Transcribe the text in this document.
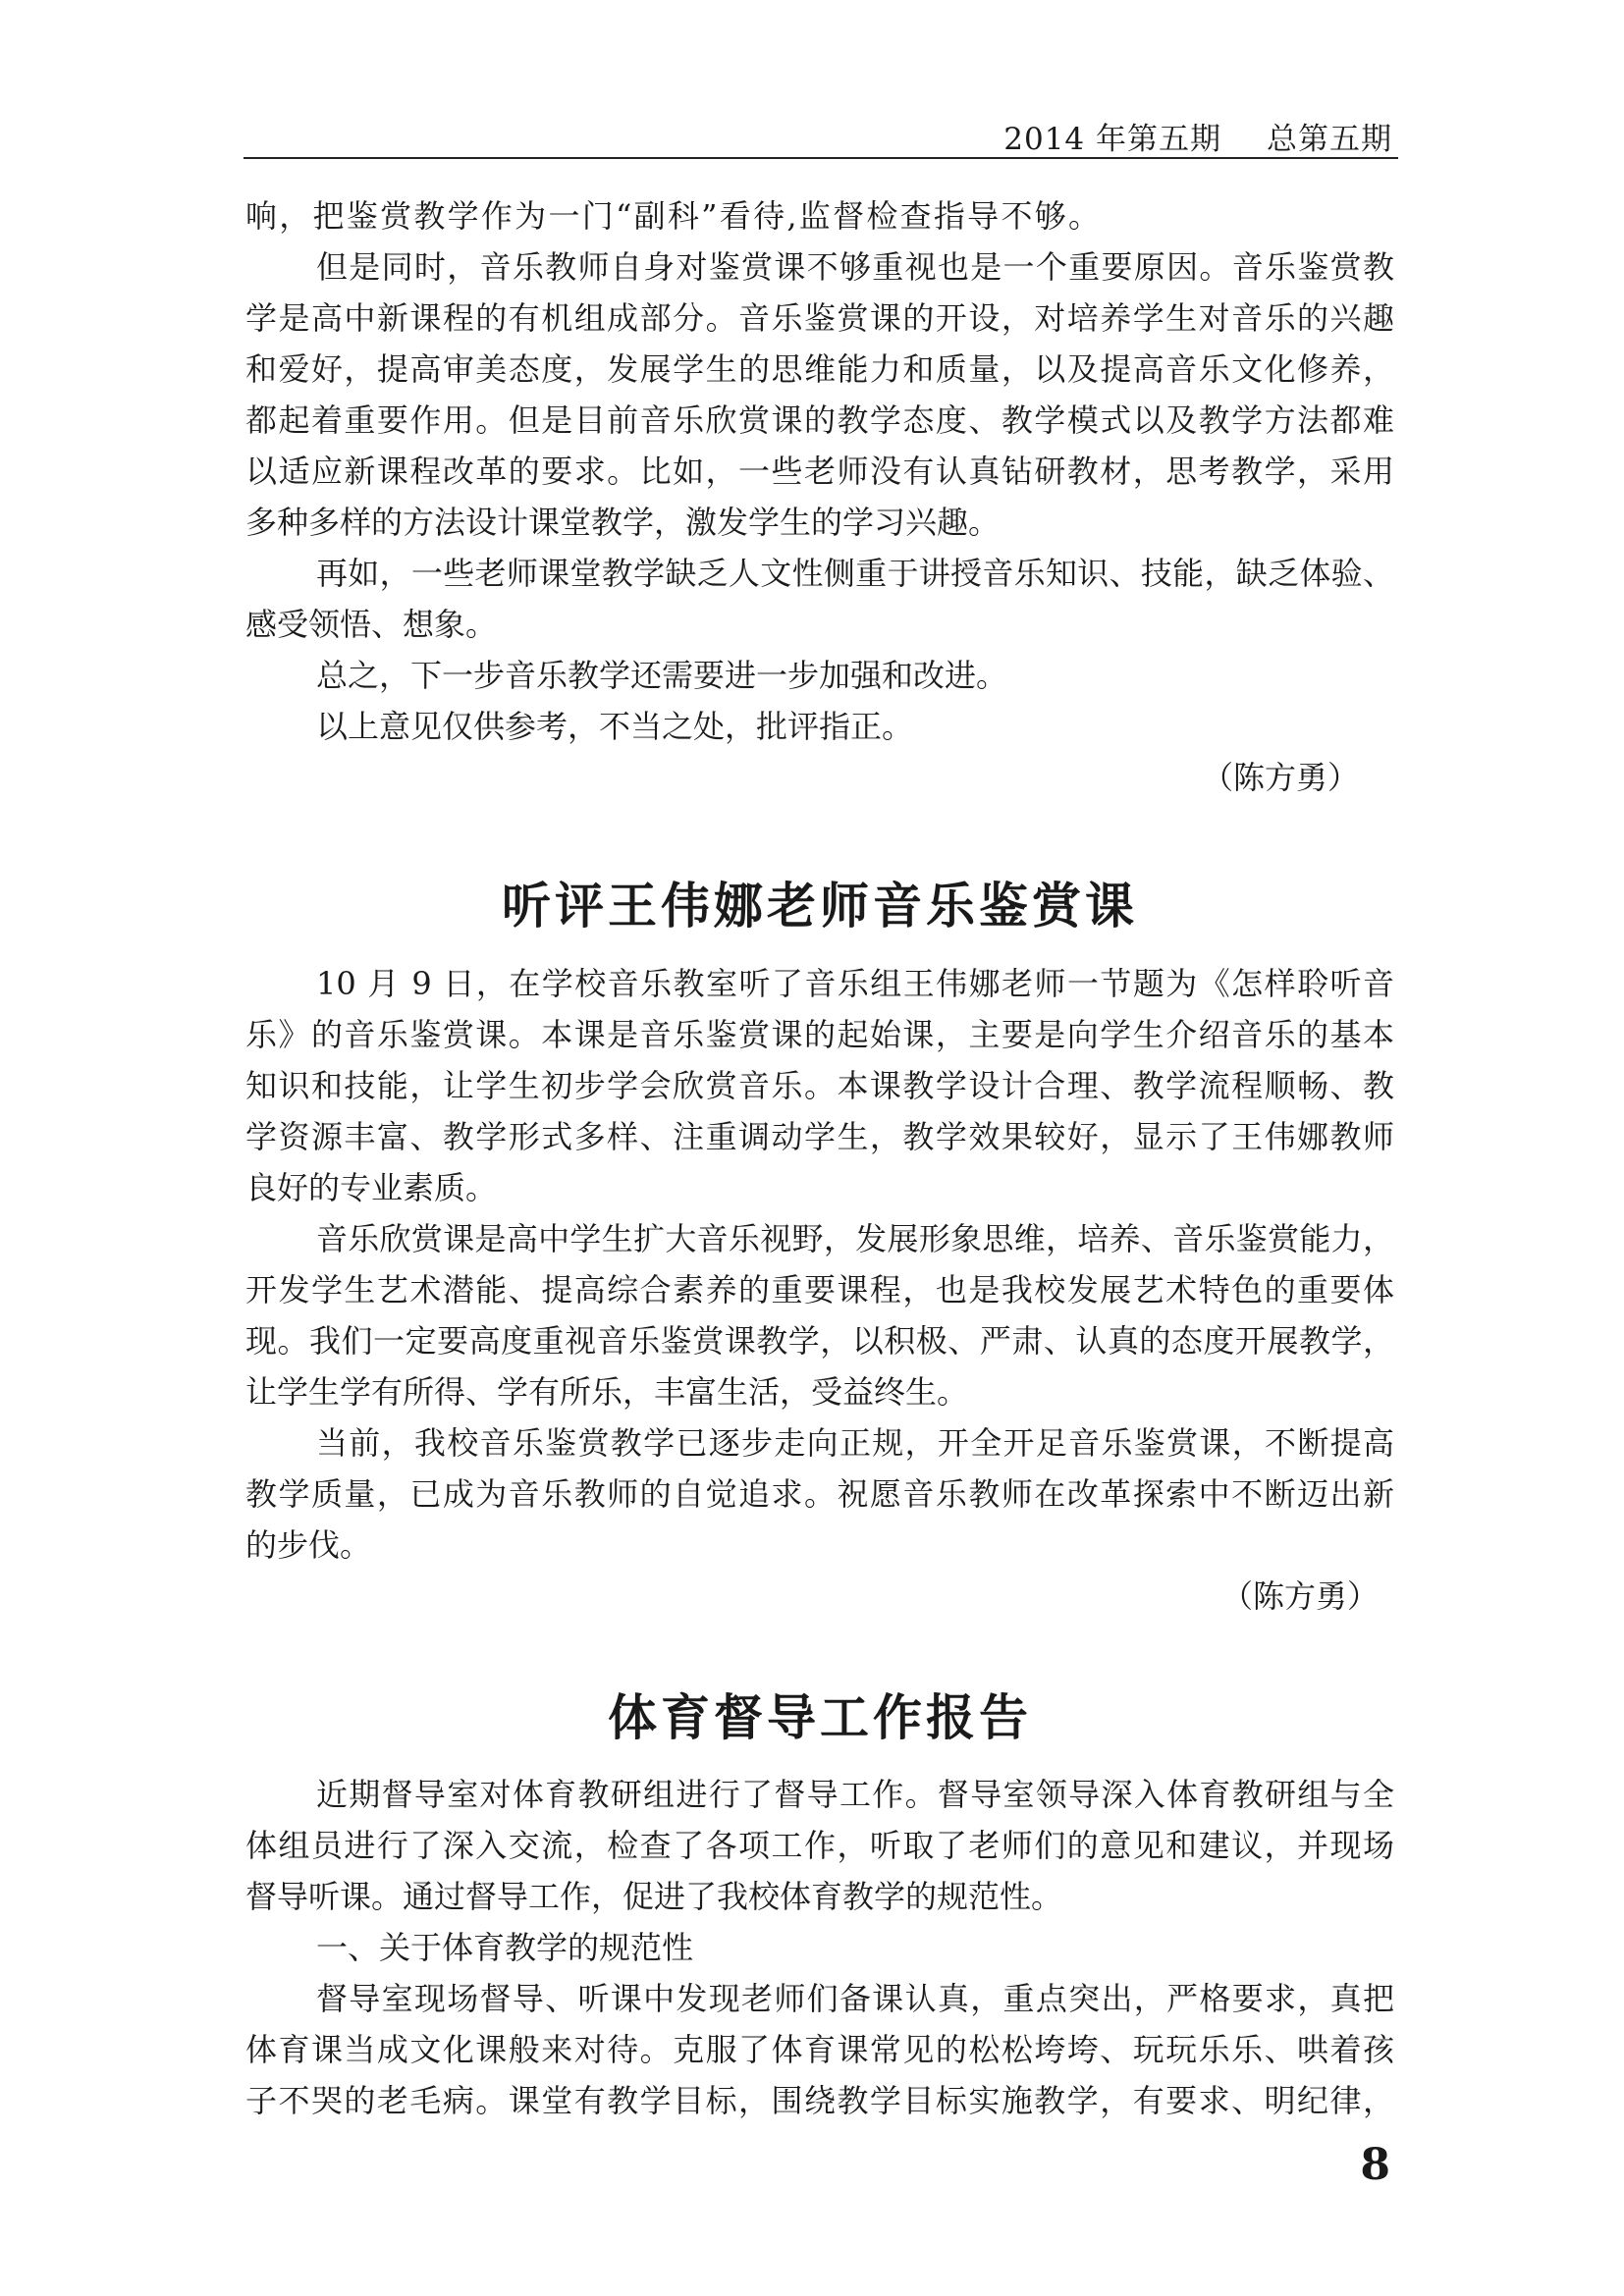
2014 年第五期 总第五期
响，把鉴赏教学作为一门“副科”看待,监督检查指导不够。
但是同时，音乐教师自身对鉴赏课不够重视也是一个重要原因。音乐鉴赏教
学是高中新课程的有机组成部分。音乐鉴赏课的开设，对培养学生对音乐的兴趣
和爱好，提高审美态度，发展学生的思维能力和质量，以及提高音乐文化修养，
都起着重要作用。但是目前音乐欣赏课的教学态度、教学模式以及教学方法都难
以适应新课程改革的要求。比如，一些老师没有认真钻研教材，思考教学，采用
多种多样的方法设计课堂教学，激发学生的学习兴趣。
再如，一些老师课堂教学缺乏人文性侧重于讲授音乐知识、技能，缺乏体验、
感受领悟、想象。
总之，下一步音乐教学还需要进一步加强和改进。
以上意见仅供参考，不当之处，批评指正。
（陈方勇）
听评王伟娜老师音乐鉴赏课
10 月 9 日，在学校音乐教室听了音乐组王伟娜老师一节题为《怎样聆听音
乐》的音乐鉴赏课。本课是音乐鉴赏课的起始课，主要是向学生介绍音乐的基本
知识和技能，让学生初步学会欣赏音乐。本课教学设计合理、教学流程顺畅、教
学资源丰富、教学形式多样、注重调动学生，教学效果较好，显示了王伟娜教师
良好的专业素质。
音乐欣赏课是高中学生扩大音乐视野，发展形象思维，培养、音乐鉴赏能力，
开发学生艺术潜能、提高综合素养的重要课程，也是我校发展艺术特色的重要体
现。我们一定要高度重视音乐鉴赏课教学，以积极、严肃、认真的态度开展教学，
让学生学有所得、学有所乐，丰富生活，受益终生。
当前，我校音乐鉴赏教学已逐步走向正规，开全开足音乐鉴赏课，不断提高
教学质量，已成为音乐教师的自觉追求。祝愿音乐教师在改革探索中不断迈出新
的步伐。
（陈方勇）
体育督导工作报告
近期督导室对体育教研组进行了督导工作。督导室领导深入体育教研组与全
体组员进行了深入交流，检查了各项工作，听取了老师们的意见和建议，并现场
督导听课。通过督导工作，促进了我校体育教学的规范性。
一、关于体育教学的规范性
督导室现场督导、听课中发现老师们备课认真，重点突出，严格要求，真把
体育课当成文化课般来对待。克服了体育课常见的松松垮垮、玩玩乐乐、哄着孩
子不哭的老毛病。课堂有教学目标，围绕教学目标实施教学，有要求、明纪律，
8
